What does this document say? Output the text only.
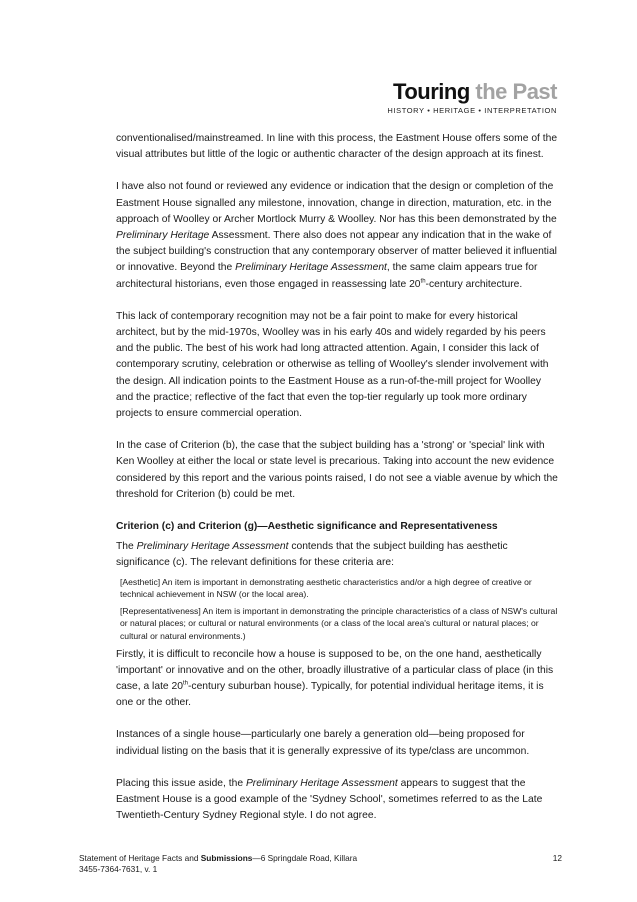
Touring the Past
HISTORY • HERITAGE • INTERPRETATION

conventionalised/mainstreamed. In line with this process, the Eastment House offers some of the visual attributes but little of the logic or authentic character of the design approach at its finest.

I have also not found or reviewed any evidence or indication that the design or completion of the Eastment House signalled any milestone, innovation, change in direction, maturation, etc. in the approach of Woolley or Archer Mortlock Murry & Woolley. Nor has this been demonstrated by the Preliminary Heritage Assessment. There also does not appear any indication that in the wake of the subject building's construction that any contemporary observer of matter believed it influential or innovative. Beyond the Preliminary Heritage Assessment, the same claim appears true for architectural historians, even those engaged in reassessing late 20th-century architecture.

This lack of contemporary recognition may not be a fair point to make for every historical architect, but by the mid-1970s, Woolley was in his early 40s and widely regarded by his peers and the public. The best of his work had long attracted attention. Again, I consider this lack of contemporary scrutiny, celebration or otherwise as telling of Woolley's slender involvement with the design. All indication points to the Eastment House as a run-of-the-mill project for Woolley and the practice; reflective of the fact that even the top-tier regularly up took more ordinary projects to ensure commercial operation.

In the case of Criterion (b), the case that the subject building has a 'strong' or 'special' link with Ken Woolley at either the local or state level is precarious. Taking into account the new evidence considered by this report and the various points raised, I do not see a viable avenue by which the threshold for Criterion (b) could be met.

Criterion (c) and Criterion (g)—Aesthetic significance and Representativeness

The Preliminary Heritage Assessment contends that the subject building has aesthetic significance (c). The relevant definitions for these criteria are:

[Aesthetic] An item is important in demonstrating aesthetic characteristics and/or a high degree of creative or technical achievement in NSW (or the local area).
[Representativeness] An item is important in demonstrating the principle characteristics of a class of NSW's cultural or natural places; or cultural or natural environments (or a class of the local area's cultural or natural places; or cultural or natural environments.)

Firstly, it is difficult to reconcile how a house is supposed to be, on the one hand, aesthetically 'important' or innovative and on the other, broadly illustrative of a particular class of place (in this case, a late 20th-century suburban house). Typically, for potential individual heritage items, it is one or the other.

Instances of a single house—particularly one barely a generation old—being proposed for individual listing on the basis that it is generally expressive of its type/class are uncommon.

Placing this issue aside, the Preliminary Heritage Assessment appears to suggest that the Eastment House is a good example of the 'Sydney School', sometimes referred to as the Late Twentieth-Century Sydney Regional style. I do not agree.

Statement of Heritage Facts and Submissions—6 Springdale Road, Killara
3455-7364-7631, v. 1
12
